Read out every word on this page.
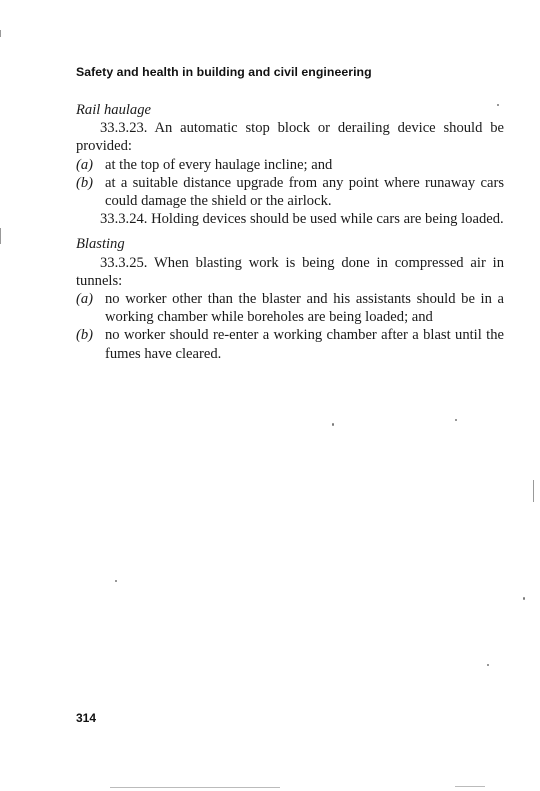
Safety and health in building and civil engineering

Rail haulage

33.3.23. An automatic stop block or derailing device should be provided:

(a) at the top of every haulage incline; and
(b) at a suitable distance upgrade from any point where runaway cars could damage the shield or the airlock.

33.3.24. Holding devices should be used while cars are being loaded.

Blasting

33.3.25. When blasting work is being done in compressed air in tunnels:

(a) no worker other than the blaster and his assistants should be in a working chamber while boreholes are being loaded; and
(b) no worker should re-enter a working chamber after a blast until the fumes have cleared.
314
